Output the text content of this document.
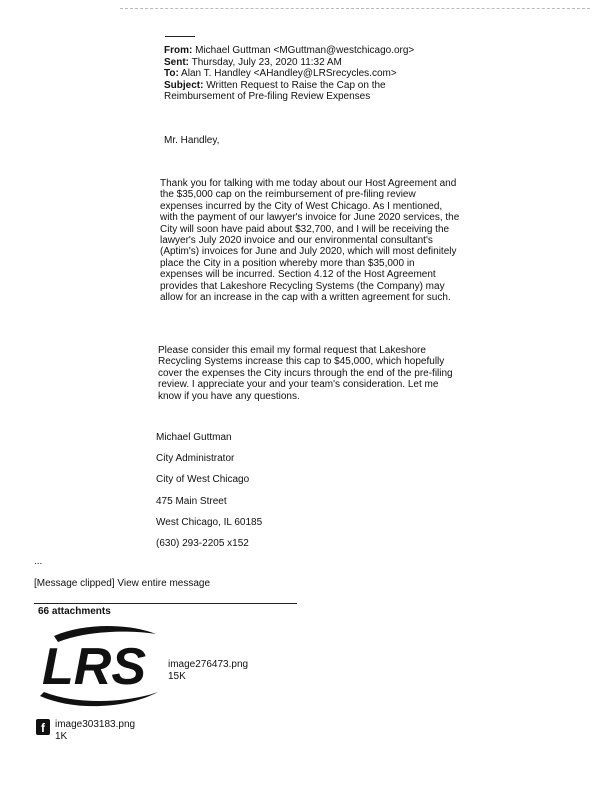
From: Michael Guttman <MGuttman@westchicago.org>
Sent: Thursday, July 23, 2020 11:32 AM
To: Alan T. Handley <AHandley@LRSrecycles.com>
Subject: Written Request to Raise the Cap on the
Reimbursement of Pre-filing Review Expenses
Mr. Handley,
Thank you for talking with me today about our Host Agreement and the $35,000 cap on the reimbursement of pre-filing review expenses incurred by the City of West Chicago. As I mentioned, with the payment of our lawyer's invoice for June 2020 services, the City will soon have paid about $32,700, and I will be receiving the lawyer's July 2020 invoice and our environmental consultant's (Aptim's) invoices for June and July 2020, which will most definitely place the City in a position whereby more than $35,000 in expenses will be incurred. Section 4.12 of the Host Agreement provides that Lakeshore Recycling Systems (the Company) may allow for an increase in the cap with a written agreement for such.
Please consider this email my formal request that Lakeshore Recycling Systems increase this cap to $45,000, which hopefully cover the expenses the City incurs through the end of the pre-filing review. I appreciate your and your team's consideration. Let me know if you have any questions.
Michael Guttman
City Administrator
City of West Chicago
475 Main Street
West Chicago, IL 60185
(630) 293-2205 x152
...
[Message clipped] View entire message
66 attachments
LRS image276473.png
15K
f	image303183.png
1K
